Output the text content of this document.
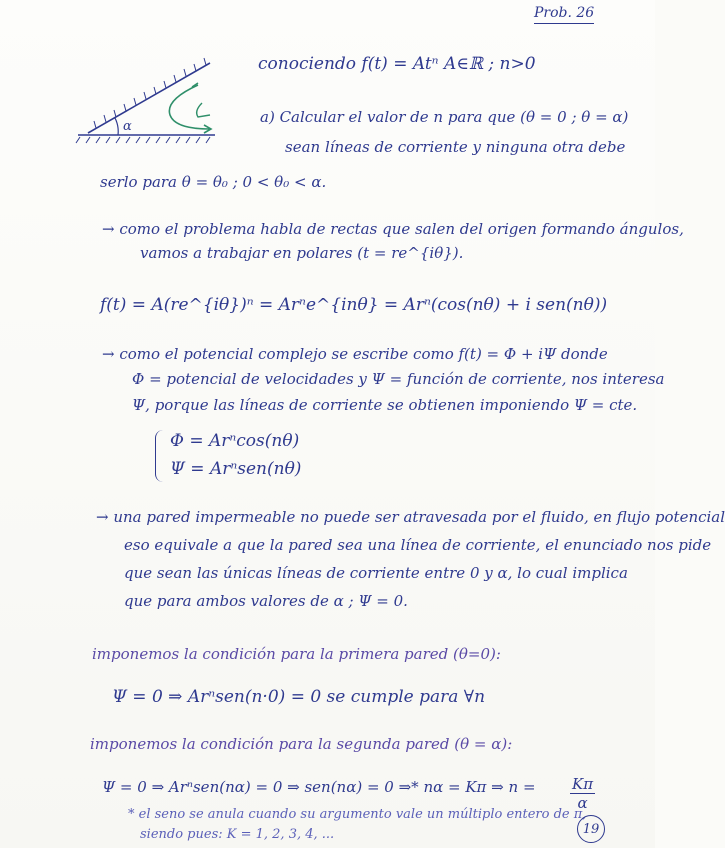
Prob. 26
α
conociendo f(t) = Atⁿ A∈ℝ ; n>0
a) Calcular el valor de n para que (θ = 0 ; θ = α)
sean líneas de corriente y ninguna otra debe
serlo para θ = θ₀ ; 0 < θ₀ < α.
→ como el problema habla de rectas que salen del origen formando ángulos,
vamos a trabajar en polares (t = re^{iθ}).
f(t) = A(re^{iθ})ⁿ = Arⁿe^{inθ} = Arⁿ(cos(nθ) + i sen(nθ))
→ como el potencial complejo se escribe como f(t) = Φ + iΨ donde
Φ = potencial de velocidades y Ψ = función de corriente, nos interesa
Ψ, porque las líneas de corriente se obtienen imponiendo Ψ = cte.
Φ = Arⁿcos(nθ)
Ψ = Arⁿsen(nθ)
→ una pared impermeable no puede ser atravesada por el fluido, en flujo potencial
eso equivale a que la pared sea una línea de corriente, el enunciado nos pide
que sean las únicas líneas de corriente entre 0 y α, lo cual implica
que para ambos valores de α ; Ψ = 0.
imponemos la condición para la primera pared (θ=0):
Ψ = 0 ⇒ Arⁿsen(n·0) = 0 se cumple para ∀n
imponemos la condición para la segunda pared (θ = α):
Ψ = 0 ⇒ Arⁿsen(nα) = 0 ⇒ sen(nα) = 0 ⇒* nα = Kπ ⇒ $n = \frac{K\pi}{\alpha}$
* el seno se anula cuando su argumento vale un múltiplo entero de π,
siendo pues: K = 1, 2, 3, 4, ...	19
